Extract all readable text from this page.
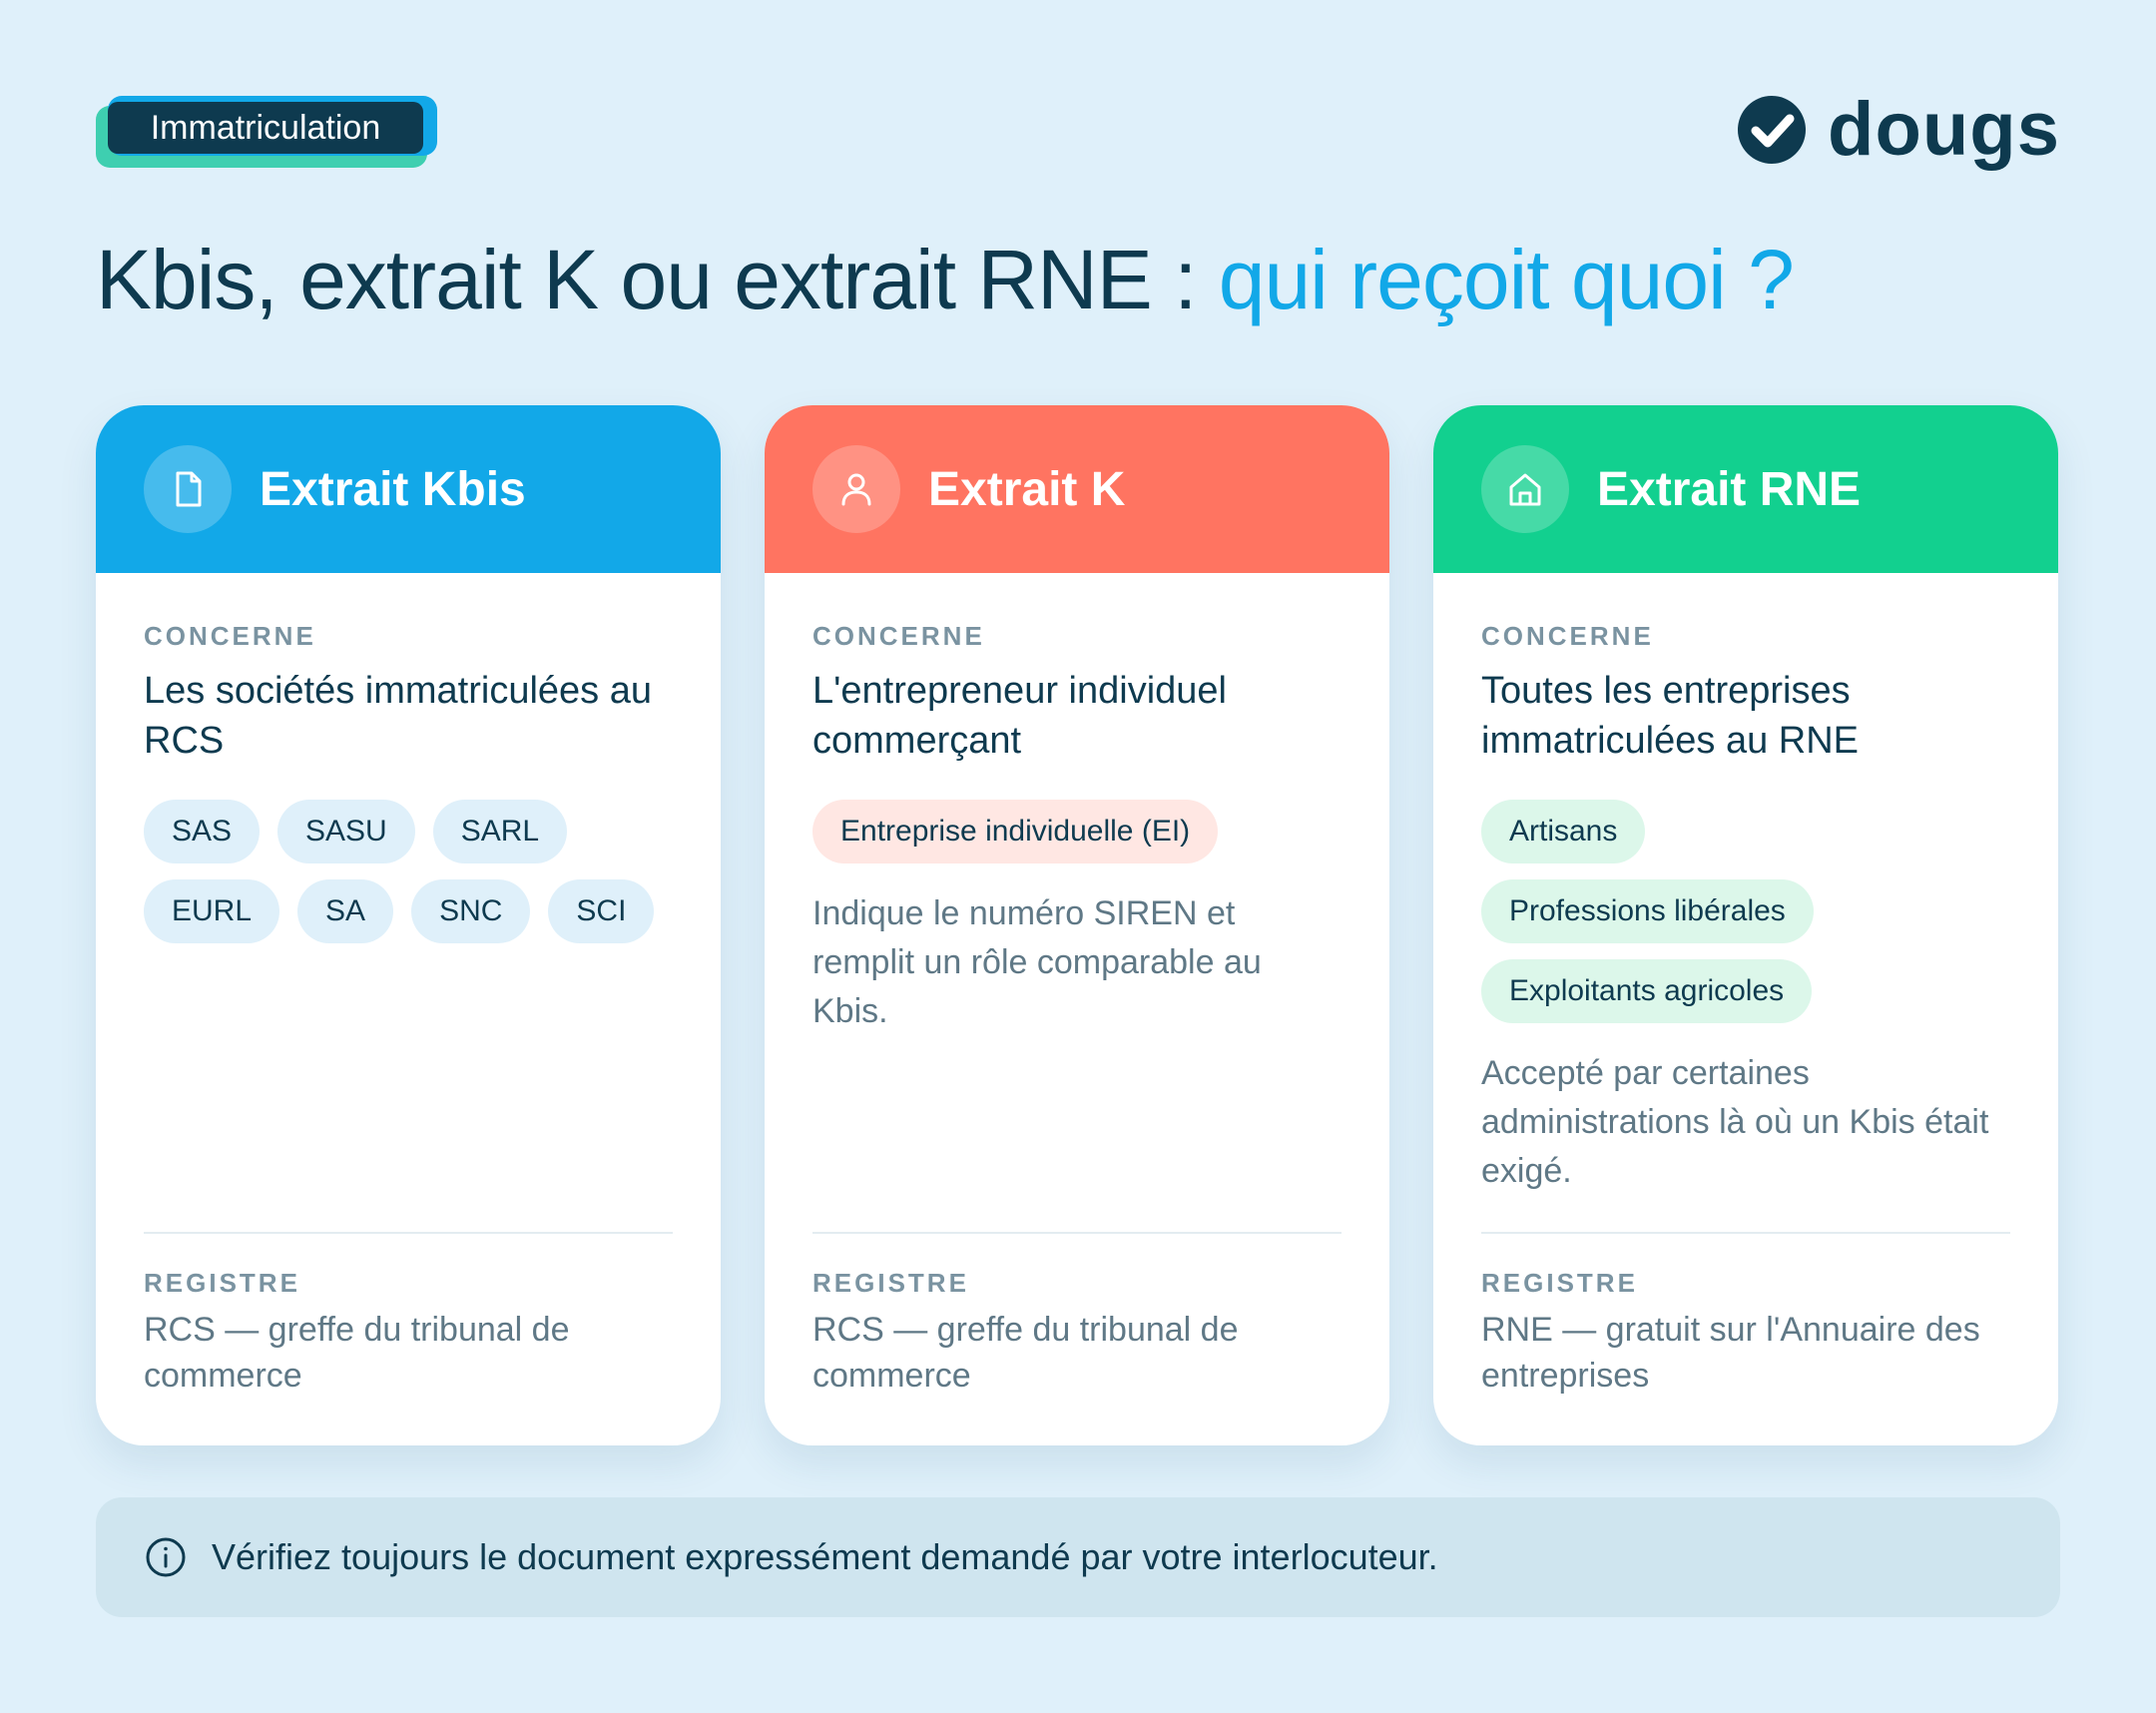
Immatriculation	dougs
Kbis, extrait K ou extrait RNE : qui reçoit quoi ?
Extrait Kbis
CONCERNE
Les sociétés immatriculées au RCS
SAS	SASU	SARL
EURL	SA	SNC	SCI
REGISTRE
RCS — greffe du tribunal de commerce
Extrait K
CONCERNE
L'entrepreneur individuel commerçant
Entreprise individuelle (EI)
Indique le numéro SIREN et remplit un rôle comparable au Kbis.
REGISTRE
RCS — greffe du tribunal de commerce
Extrait RNE
CONCERNE
Toutes les entreprises immatriculées au RNE
Artisans
Professions libérales
Exploitants agricoles
Accepté par certaines administrations là où un Kbis était exigé.
REGISTRE
RNE — gratuit sur l'Annuaire des entreprises
Vérifiez toujours le document expressément demandé par votre interlocuteur.
